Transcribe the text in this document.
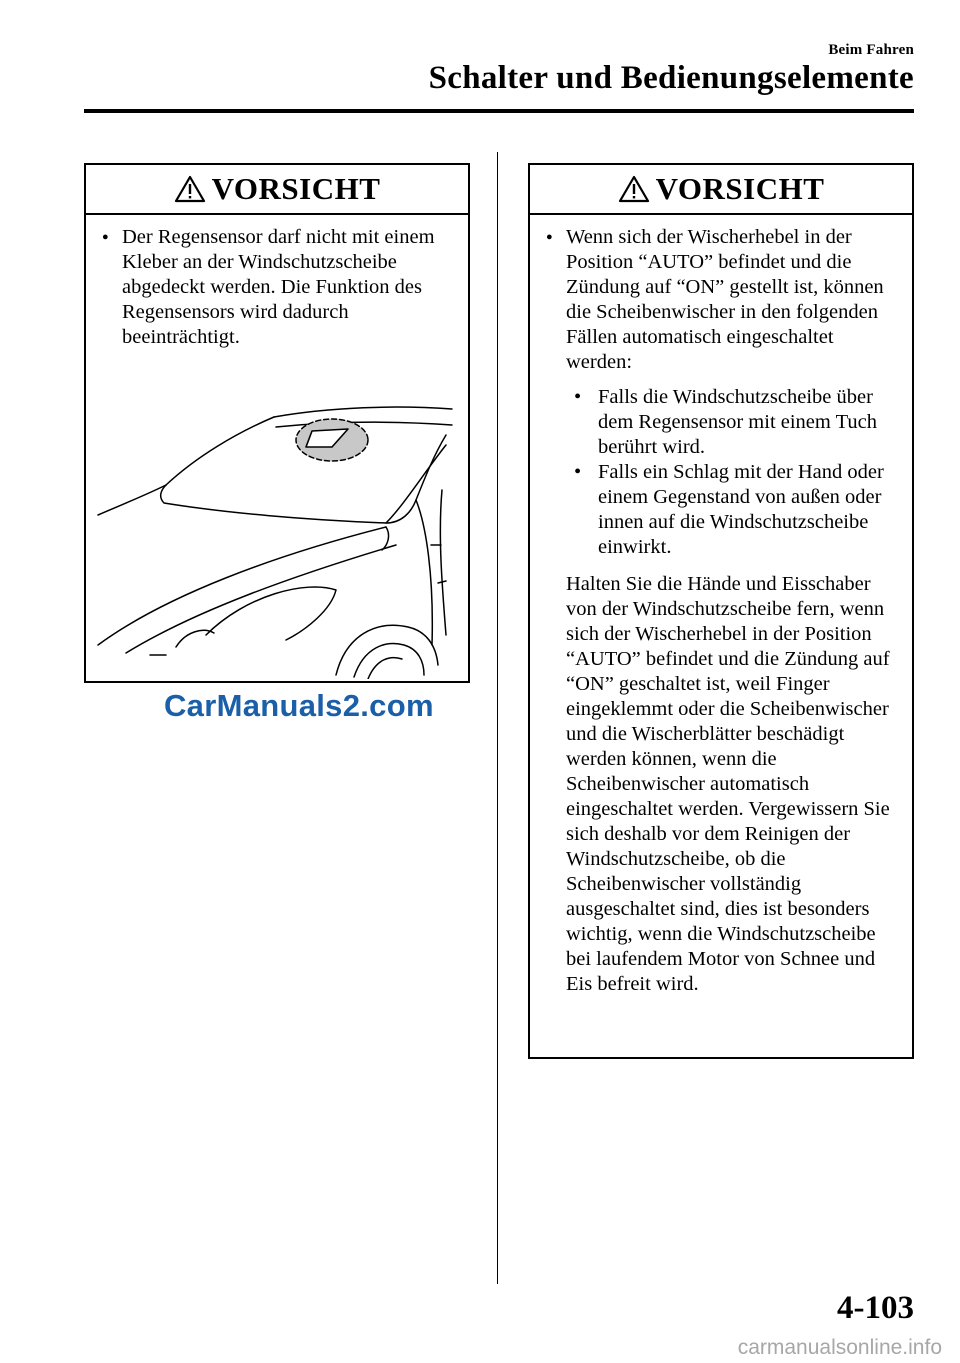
Beim Fahren
Schalter und Bedienungselemente
VORSICHT

● Der Regensensor darf nicht mit einem Kleber an der Windschutzscheibe abgedeckt werden. Die Funktion des Regensensors wird dadurch beeinträchtigt.

VORSICHT

● Wenn sich der Wischerhebel in der Position “AUTO” befindet und die Zündung auf “ON” gestellt ist, können die Scheibenwischer in den folgenden Fällen automatisch eingeschaltet werden:

• Falls die Windschutzscheibe über dem Regensensor mit einem Tuch berührt wird.
• Falls ein Schlag mit der Hand oder einem Gegenstand von außen oder innen auf die Windschutzscheibe einwirkt.

Halten Sie die Hände und Eisschaber von der Windschutzscheibe fern, wenn sich der Wischerhebel in der Position “AUTO” befindet und die Zündung auf “ON” geschaltet ist, weil Finger eingeklemmt oder die Scheibenwischer und die Wischerblätter beschädigt werden können, wenn die Scheibenwischer automatisch eingeschaltet werden. Vergewissern Sie sich deshalb vor dem Reinigen der Windschutzscheibe, ob die Scheibenwischer vollständig ausgeschaltet sind, dies ist besonders wichtig, wenn die Windschutzscheibe bei laufendem Motor von Schnee und Eis befreit wird.

CarManuals2.com
4-103
carmanualsonline.info
